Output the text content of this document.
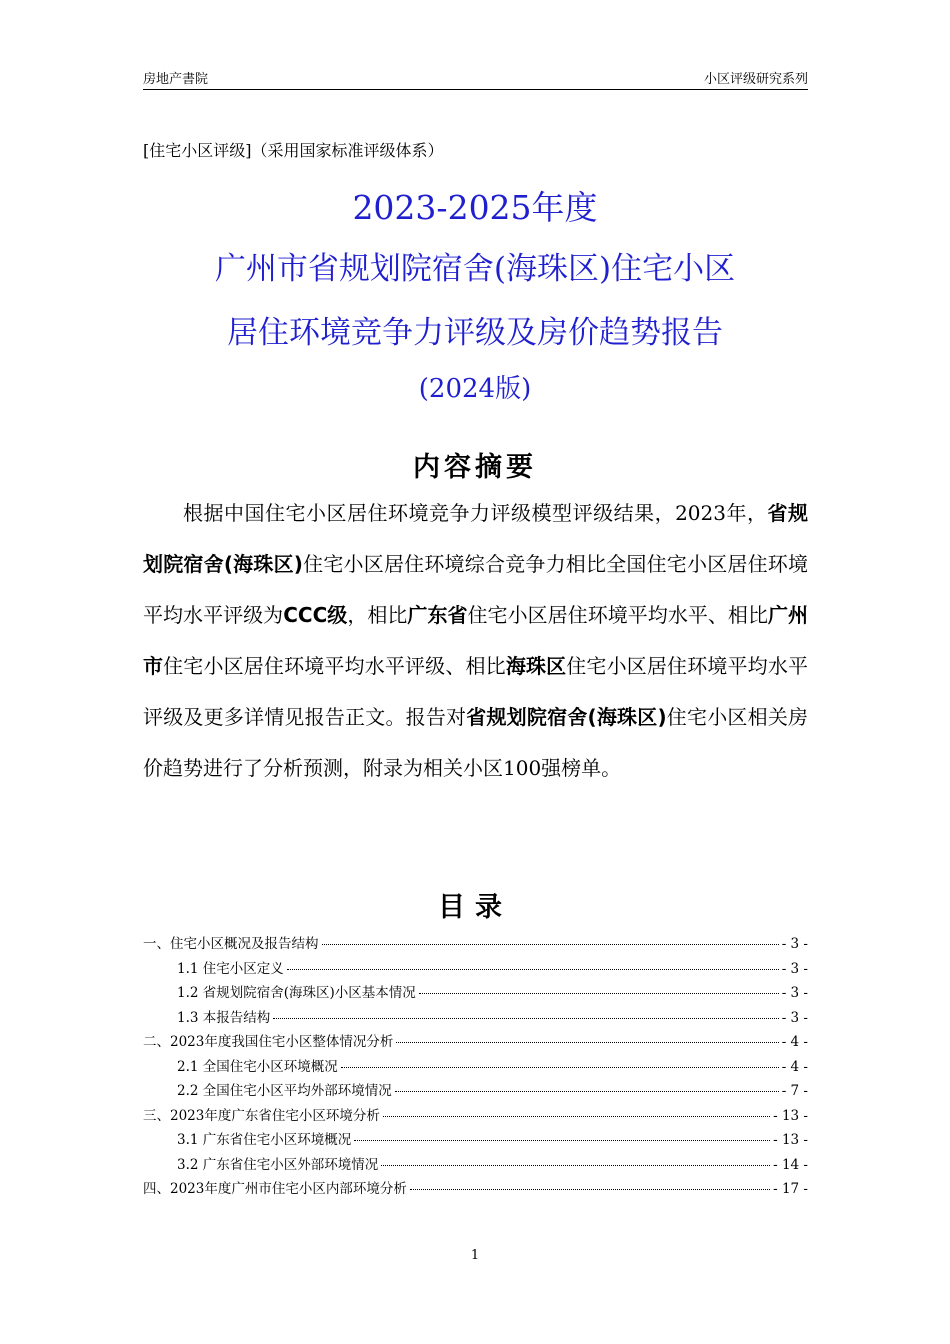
房地产書院	小区评级研究系列
[住宅小区评级]（采用国家标准评级体系）
2023-2025年度
广州市省规划院宿舍(海珠区)住宅小区
居住环境竞争力评级及房价趋势报告
(2024版)
内容摘要
根据中国住宅小区居住环境竞争力评级模型评级结果，2023年，省规划院宿舍(海珠区)住宅小区居住环境综合竞争力相比全国住宅小区居住环境平均水平评级为CCC级，相比广东省住宅小区居住环境平均水平、相比广州市住宅小区居住环境平均水平评级、相比海珠区住宅小区居住环境平均水平评级及更多详情见报告正文。报告对省规划院宿舍(海珠区)住宅小区相关房价趋势进行了分析预测，附录为相关小区100强榜单。
目录
一、住宅小区概况及报告结构	- 3 -
1.1 住宅小区定义	- 3 -
1.2 省规划院宿舍(海珠区)小区基本情况	- 3 -
1.3 本报告结构	- 3 -
二、2023年度我国住宅小区整体情况分析	- 4 -
2.1 全国住宅小区环境概况	- 4 -
2.2 全国住宅小区平均外部环境情况	- 7 -
三、2023年度广东省住宅小区环境分析	- 13 -
3.1 广东省住宅小区环境概况	- 13 -
3.2 广东省住宅小区外部环境情况	- 14 -
四、2023年度广州市住宅小区内部环境分析	- 17 -
1
